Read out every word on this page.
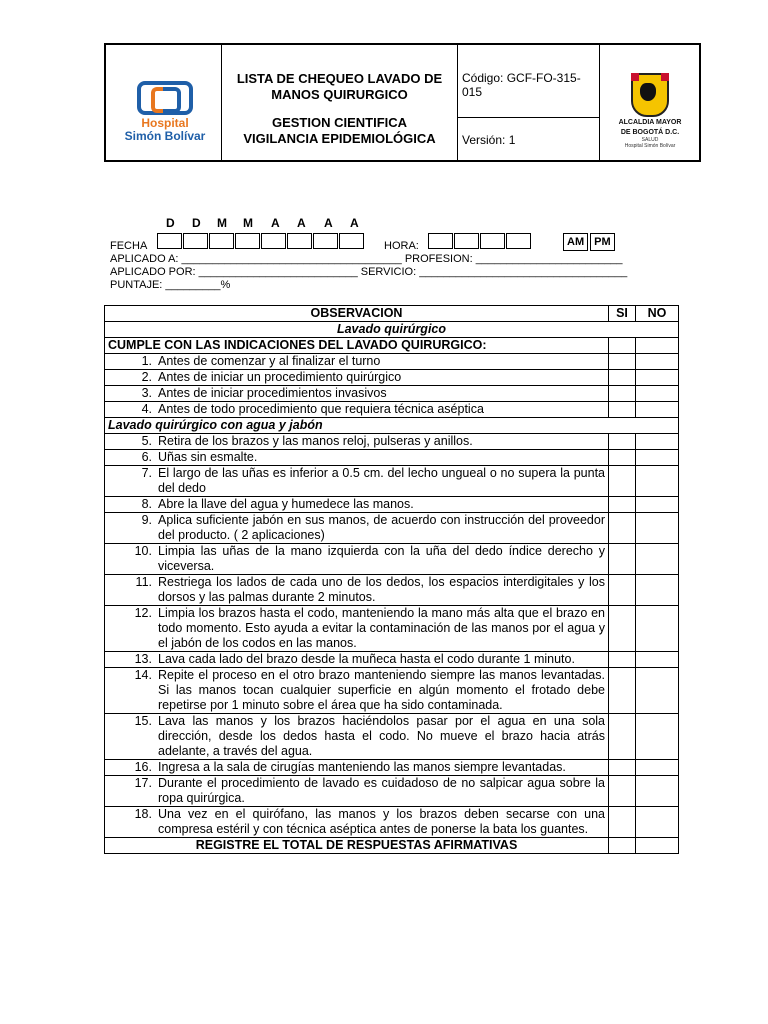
Hospital
Simón Bolívar
LISTA DE CHEQUEO LAVADO DE
MANOS QUIRURGICO
GESTION CIENTIFICA
VIGILANCIA EPIDEMIOLÓGICA
Código: GCF-FO-315-015
Versión: 1
ALCALDIA MAYOR
DE BOGOTÁ D.C.
SALUD
Hospital Simón Bolívar
D D M M A A A A
FECHA	HORA:	AM PM
APLICADO A: ____________________________________ PROFESION: ________________________
APLICADO POR: __________________________ SERVICIO: __________________________________
PUNTAJE: _________%
OBSERVACION	SI	NO
Lavado quirúrgico		
CUMPLE CON LAS INDICACIONES DEL LAVADO QUIRURGICO:		

1. Antes de comenzar y al finalizar el turno		

2. Antes de iniciar un procedimiento quirúrgico		

3. Antes de iniciar procedimientos invasivos		

4. Antes de todo procedimiento que requiera técnica aséptica		

Lavado quirúrgico con agua y jabón		

5. Retira de los brazos y las manos reloj, pulseras y anillos.		

6. Uñas sin esmalte.		

7. El largo de las uñas es inferior a 0.5 cm. del lecho ungueal o no supera la punta del dedo		

8. Abre la llave del agua y humedece las manos.		

9. Aplica suficiente jabón en sus manos, de acuerdo con instrucción del proveedor del producto. ( 2 aplicaciones)		

10. Limpia las uñas de la mano izquierda con la uña del dedo índice derecho y viceversa.		

11. Restriega los lados de cada uno de los dedos, los espacios interdigitales y los dorsos y las palmas durante 2 minutos.		

12. Limpia los brazos hasta el codo, manteniendo la mano más alta que el brazo en todo momento. Esto ayuda a evitar la contaminación de las manos por el agua y el jabón de los codos en las manos.		

13. Lava cada lado del brazo desde la muñeca hasta el codo durante 1 minuto.		

14. Repite el proceso en el otro brazo manteniendo siempre las manos levantadas. Si las manos tocan cualquier superficie en algún momento el frotado debe repetirse por 1 minuto sobre el área que ha sido contaminada.		

15. Lava las manos y los brazos haciéndolos pasar por el agua en una sola dirección, desde los dedos hasta el codo. No mueve el brazo hacia atrás adelante, a través del agua.		

16. Ingresa a la sala de cirugías manteniendo las manos siempre levantadas.		

17. Durante el procedimiento de lavado es cuidadoso de no salpicar agua sobre la ropa quirúrgica.		

18. Una vez en el quirófano, las manos y los brazos deben secarse con una compresa estéril y con técnica aséptica antes de ponerse la bata los guantes.		

REGISTRE EL TOTAL DE RESPUESTAS AFIRMATIVAS		
